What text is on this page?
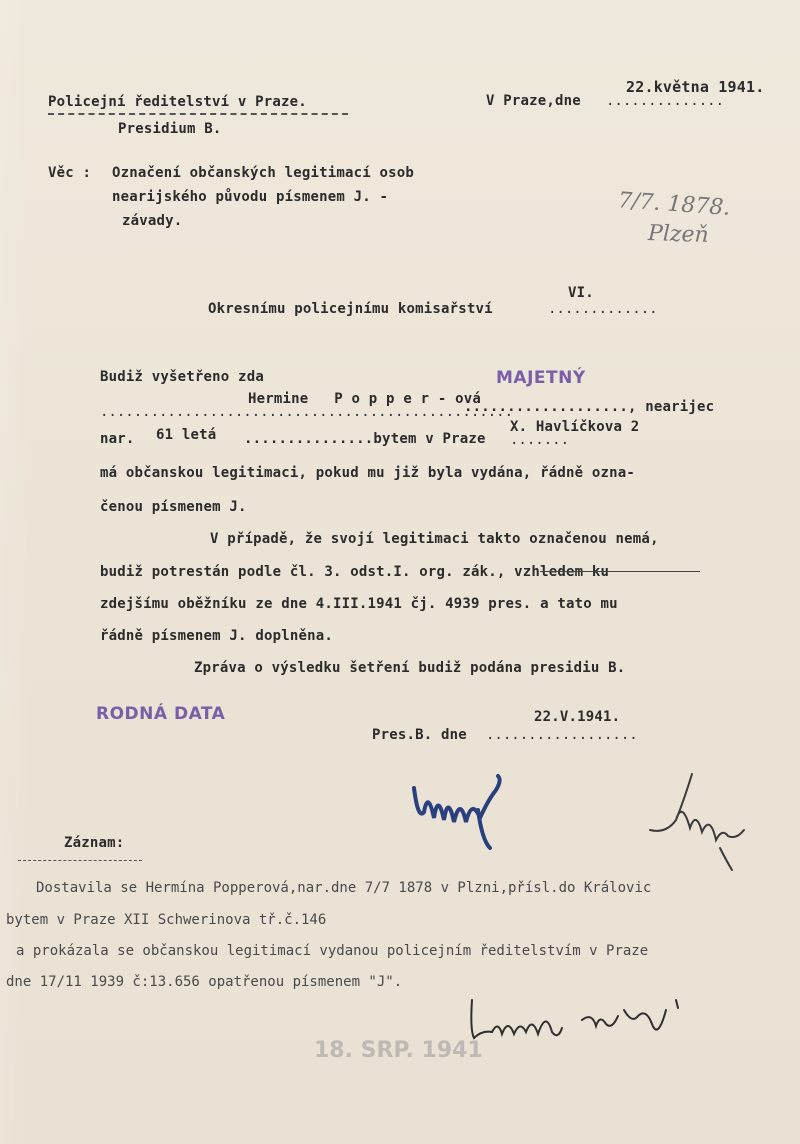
Policejní ředitelství v Praze.
Presidium B.
V Praze,dne ..............
22.května 1941.
Věc : Označení občanských legitimací osob
nearijského původu písmenem J. -
závady.
7/7. 1878.
Plzeň
VI.
Okresnímu policejnímu komisařství	.............
Budiž vyšetřeno zda	MAJETNÝ
Hermine   P o p p e r - ová
.................................................
..................., nearijec
nar. 61 letá ...............bytem v Praze
X. Havlíčkova 2
.......
má občanskou legitimaci, pokud mu již byla vydána, řádně ozna-
čenou písmenem J.
V případě, že svojí legitimaci takto označenou nemá,
budiž potrestán podle čl. 3. odst.I. org. zák., vzhledem ku
zdejšímu oběžníku ze dne 4.III.1941 čj. 4939 pres. a tato mu
řádně písmenem J. doplněna.
Zpráva o výsledku šetření budiž podána presidiu B.
RODNÁ DATA	22.V.1941.
Pres.B. dne ..................
Záznam:
Dostavila se Hermína Popperová,nar.dne 7/7 1878 v Plzni,přísl.do Královic
bytem v Praze XII Schwerinova tř.č.146
a prokázala se občanskou legitimací vydanou policejním ředitelstvím v Praze
dne 17/11 1939 č:13.656 opatřenou písmenem "J".
18. SRP. 1941
